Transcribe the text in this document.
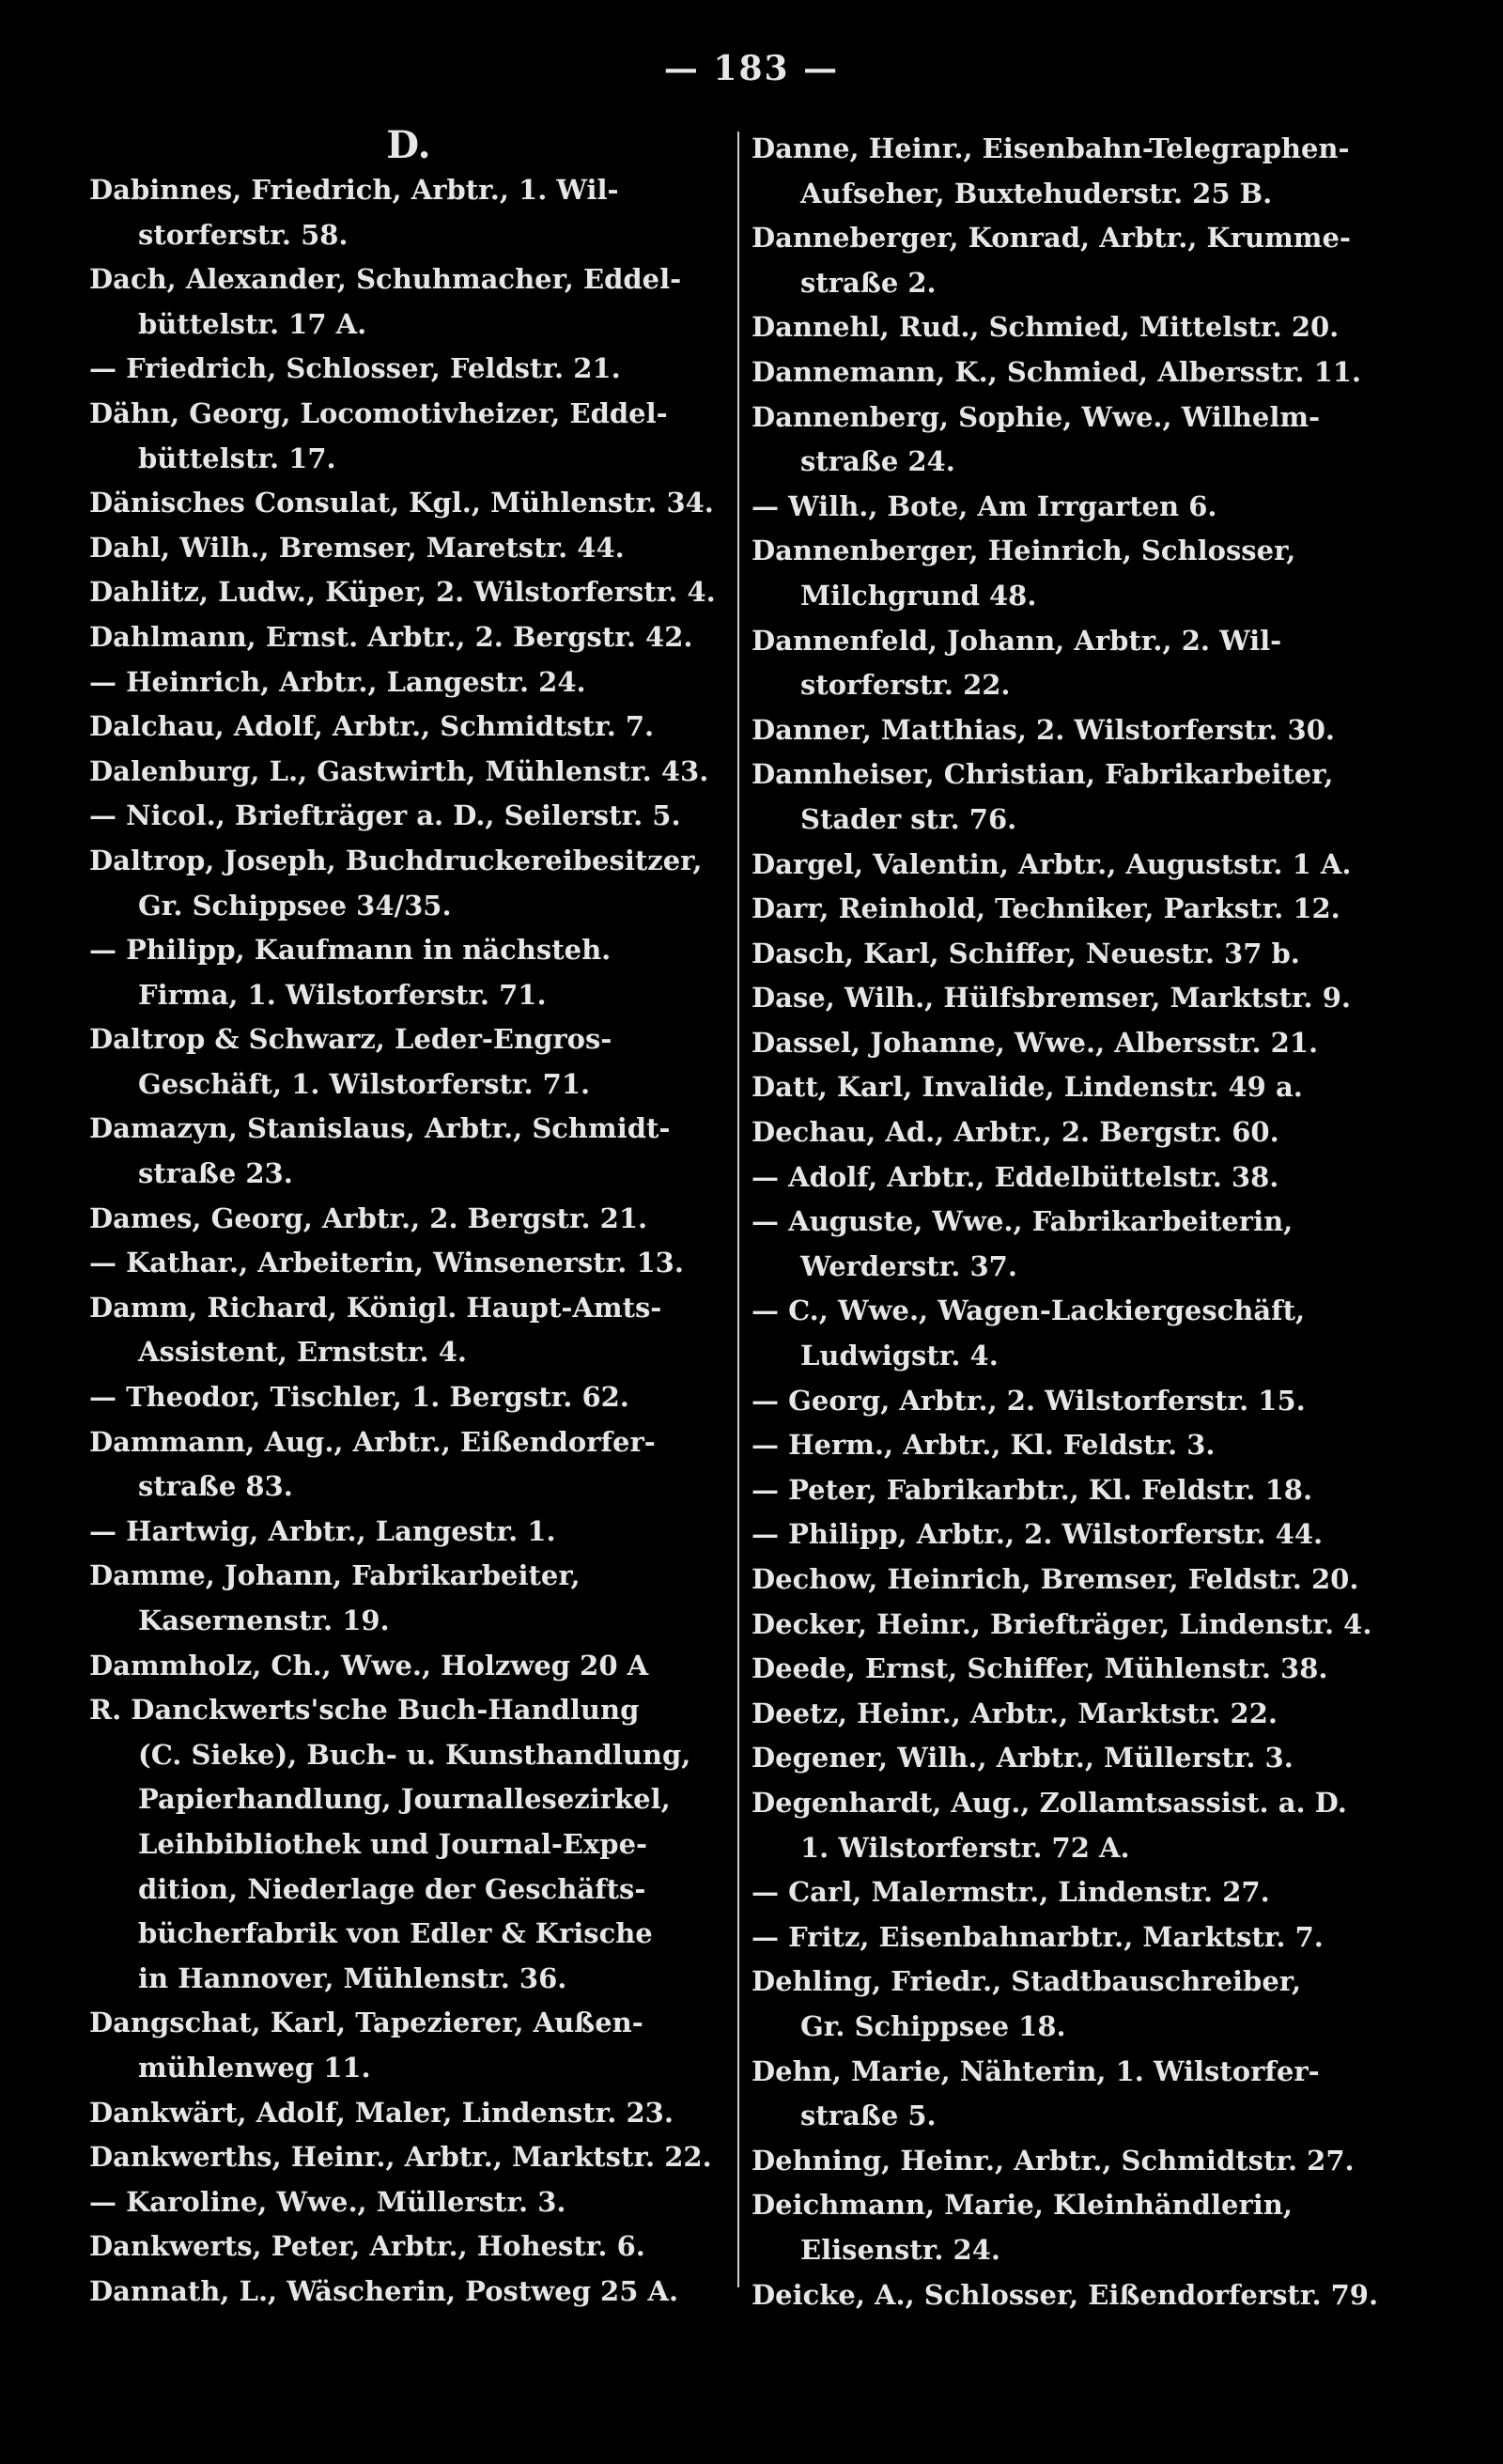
— 183 —
D.
Dabinnes, Friedrich, Arbtr., 1. Wil-
storferstr. 58.
Dach, Alexander, Schuhmacher, Eddel-
büttelstr. 17 A.
— Friedrich, Schlosser, Feldstr. 21.
Dähn, Georg, Locomotivheizer, Eddel-
büttelstr. 17.
Dänisches Consulat, Kgl., Mühlenstr. 34.
Dahl, Wilh., Bremser, Maretstr. 44.
Dahlitz, Ludw., Küper, 2. Wilstorferstr. 4.
Dahlmann, Ernst. Arbtr., 2. Bergstr. 42.
— Heinrich, Arbtr., Langestr. 24.
Dalchau, Adolf, Arbtr., Schmidtstr. 7.
Dalenburg, L., Gastwirth, Mühlenstr. 43.
— Nicol., Briefträger a. D., Seilerstr. 5.
Daltrop, Joseph, Buchdruckereibesitzer,
Gr. Schippsee 34/35.
— Philipp, Kaufmann in nächsteh.
Firma, 1. Wilstorferstr. 71.
Daltrop & Schwarz, Leder-Engros-
Geschäft, 1. Wilstorferstr. 71.
Damazyn, Stanislaus, Arbtr., Schmidt-
straße 23.
Dames, Georg, Arbtr., 2. Bergstr. 21.
— Kathar., Arbeiterin, Winsenerstr. 13.
Damm, Richard, Königl. Haupt-Amts-
Assistent, Ernststr. 4.
— Theodor, Tischler, 1. Bergstr. 62.
Dammann, Aug., Arbtr., Eißendorfer-
straße 83.
— Hartwig, Arbtr., Langestr. 1.
Damme, Johann, Fabrikarbeiter,
Kasernenstr. 19.
Dammholz, Ch., Wwe., Holzweg 20 A
R. Danckwerts'sche Buch-Handlung
(C. Sieke), Buch- u. Kunsthandlung,
Papierhandlung, Journallesezirkel,
Leihbibliothek und Journal-Expe-
dition, Niederlage der Geschäfts-
bücherfabrik von Edler & Krische
in Hannover, Mühlenstr. 36.
Dangschat, Karl, Tapezierer, Außen-
mühlenweg 11.
Dankwärt, Adolf, Maler, Lindenstr. 23.
Dankwerths, Heinr., Arbtr., Marktstr. 22.
— Karoline, Wwe., Müllerstr. 3.
Dankwerts, Peter, Arbtr., Hohestr. 6.
Dannath, L., Wäscherin, Postweg 25 A.
Danne, Heinr., Eisenbahn-Telegraphen-
Aufseher, Buxtehuderstr. 25 B.
Danneberger, Konrad, Arbtr., Krumme-
straße 2.
Dannehl, Rud., Schmied, Mittelstr. 20.
Dannemann, K., Schmied, Albersstr. 11.
Dannenberg, Sophie, Wwe., Wilhelm-
straße 24.
— Wilh., Bote, Am Irrgarten 6.
Dannenberger, Heinrich, Schlosser,
Milchgrund 48.
Dannenfeld, Johann, Arbtr., 2. Wil-
storferstr. 22.
Danner, Matthias, 2. Wilstorferstr. 30.
Dannheiser, Christian, Fabrikarbeiter,
Stader str. 76.
Dargel, Valentin, Arbtr., Auguststr. 1 A.
Darr, Reinhold, Techniker, Parkstr. 12.
Dasch, Karl, Schiffer, Neuestr. 37 b.
Dase, Wilh., Hülfsbremser, Marktstr. 9.
Dassel, Johanne, Wwe., Albersstr. 21.
Datt, Karl, Invalide, Lindenstr. 49 a.
Dechau, Ad., Arbtr., 2. Bergstr. 60.
— Adolf, Arbtr., Eddelbüttelstr. 38.
— Auguste, Wwe., Fabrikarbeiterin,
Werderstr. 37.
— C., Wwe., Wagen-Lackiergeschäft,
Ludwigstr. 4.
— Georg, Arbtr., 2. Wilstorferstr. 15.
— Herm., Arbtr., Kl. Feldstr. 3.
— Peter, Fabrikarbtr., Kl. Feldstr. 18.
— Philipp, Arbtr., 2. Wilstorferstr. 44.
Dechow, Heinrich, Bremser, Feldstr. 20.
Decker, Heinr., Briefträger, Lindenstr. 4.
Deede, Ernst, Schiffer, Mühlenstr. 38.
Deetz, Heinr., Arbtr., Marktstr. 22.
Degener, Wilh., Arbtr., Müllerstr. 3.
Degenhardt, Aug., Zollamtsassist. a. D.
1. Wilstorferstr. 72 A.
— Carl, Malermstr., Lindenstr. 27.
— Fritz, Eisenbahnarbtr., Marktstr. 7.
Dehling, Friedr., Stadtbauschreiber,
Gr. Schippsee 18.
Dehn, Marie, Nähterin, 1. Wilstorfer-
straße 5.
Dehning, Heinr., Arbtr., Schmidtstr. 27.
Deichmann, Marie, Kleinhändlerin,
Elisenstr. 24.
Deicke, A., Schlosser, Eißendorferstr. 79.
